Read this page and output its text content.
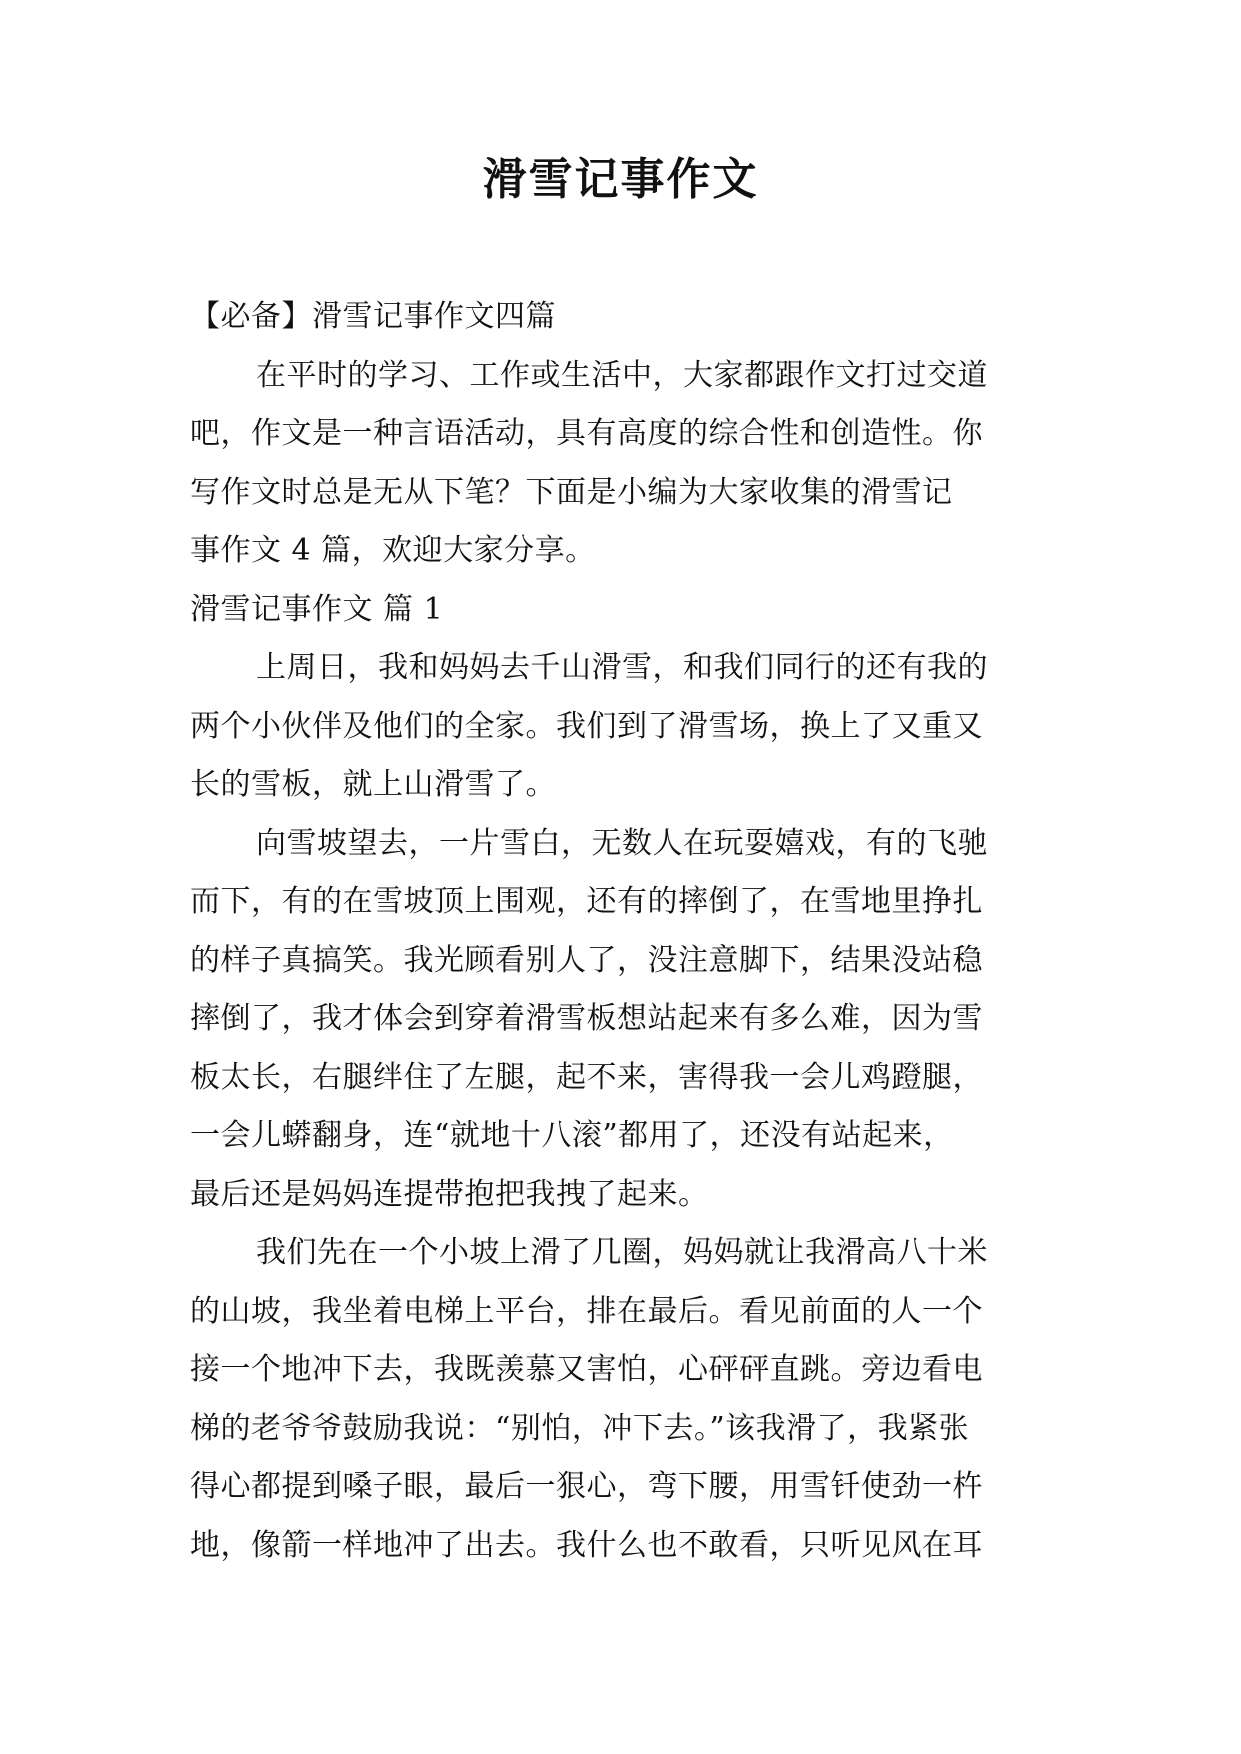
滑雪记事作文
【必备】滑雪记事作文四篇
在平时的学习、工作或生活中，大家都跟作文打过交道
吧，作文是一种言语活动，具有高度的综合性和创造性。你
写作文时总是无从下笔？下面是小编为大家收集的滑雪记
事作文 4 篇，欢迎大家分享。
滑雪记事作文 篇 1
上周日，我和妈妈去千山滑雪，和我们同行的还有我的
两个小伙伴及他们的全家。我们到了滑雪场，换上了又重又
长的雪板，就上山滑雪了。
向雪坡望去，一片雪白，无数人在玩耍嬉戏，有的飞驰
而下，有的在雪坡顶上围观，还有的摔倒了，在雪地里挣扎
的样子真搞笑。我光顾看别人了，没注意脚下，结果没站稳
摔倒了，我才体会到穿着滑雪板想站起来有多么难，因为雪
板太长，右腿绊住了左腿，起不来，害得我一会儿鸡蹬腿，
一会儿蟒翻身，连“就地十八滚”都用了，还没有站起来，
最后还是妈妈连提带抱把我拽了起来。
我们先在一个小坡上滑了几圈，妈妈就让我滑高八十米
的山坡，我坐着电梯上平台，排在最后。看见前面的人一个
接一个地冲下去，我既羡慕又害怕，心砰砰直跳。旁边看电
梯的老爷爷鼓励我说：“别怕，冲下去。”该我滑了，我紧张
得心都提到嗓子眼，最后一狠心，弯下腰，用雪钎使劲一杵
地，像箭一样地冲了出去。我什么也不敢看，只听见风在耳
